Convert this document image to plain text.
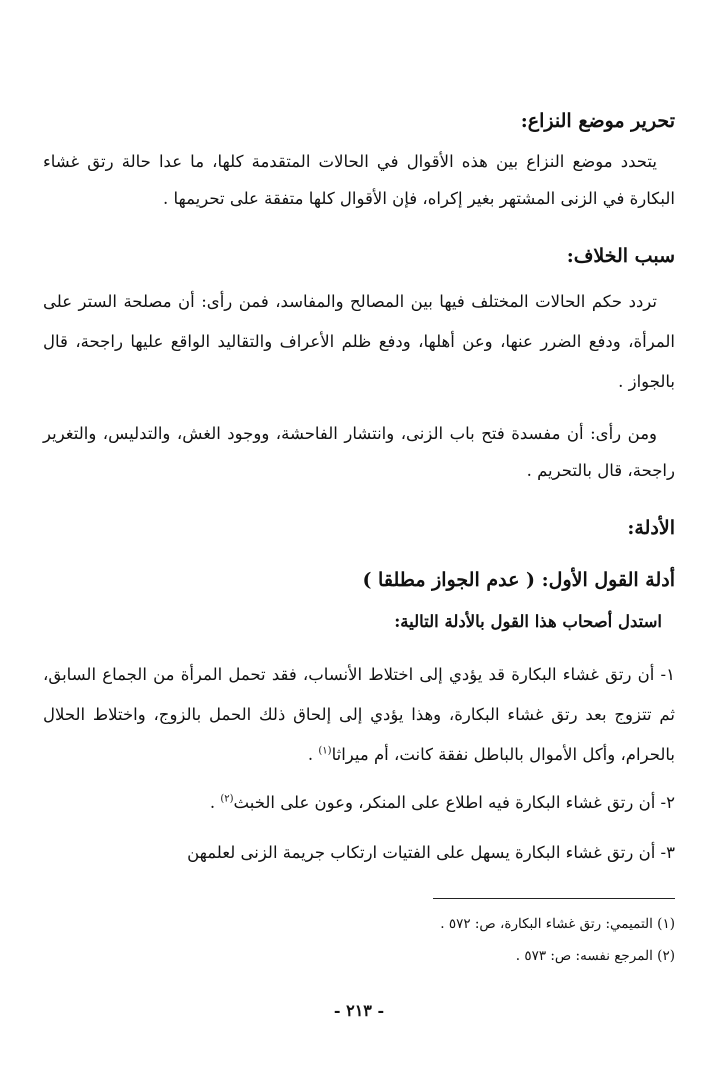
تحرير موضع النزاع:
يتحدد موضع النزاع بين هذه الأقوال في الحالات المتقدمة كلها، ما عدا حالة رتق غشاء البكارة في الزنى المشتهر بغير إكراه، فإن الأقوال كلها متفقة على تحريمها .
سبب الخلاف:
تردد حكم الحالات المختلف فيها بين المصالح والمفاسد، فمن رأى: أن مصلحة الستر على المرأة، ودفع الضرر عنها، وعن أهلها، ودفع ظلم الأعراف والتقاليد الواقع عليها راجحة، قال بالجواز .
ومن رأى: أن مفسدة فتح باب الزنى، وانتشار الفاحشة، ووجود الغش، والتدليس، والتغرير راجحة، قال بالتحريم .
الأدلة:
أدلة القول الأول: ( عدم الجواز مطلقا )
استدل أصحاب هذا القول بالأدلة التالية:
١- أن رتق غشاء البكارة قد يؤدي إلى اختلاط الأنساب، فقد تحمل المرأة من الجماع السابق، ثم تتزوج بعد رتق غشاء البكارة، وهذا يؤدي إلى إلحاق ذلك الحمل بالزوج، واختلاط الحلال بالحرام، وأكل الأموال بالباطل نفقة كانت، أم ميراثا$^{(١)}$ .
٢- أن رتق غشاء البكارة فيه اطلاع على المنكر، وعون على الخبث$^{(٢)}$ .
٣- أن رتق غشاء البكارة يسهل على الفتيات ارتكاب جريمة الزنى لعلمهن
(١) التميمي: رتق غشاء البكارة، ص: ٥٧٢ .
(٢) المرجع نفسه: ص: ٥٧٣ .
- ٢١٣ -
